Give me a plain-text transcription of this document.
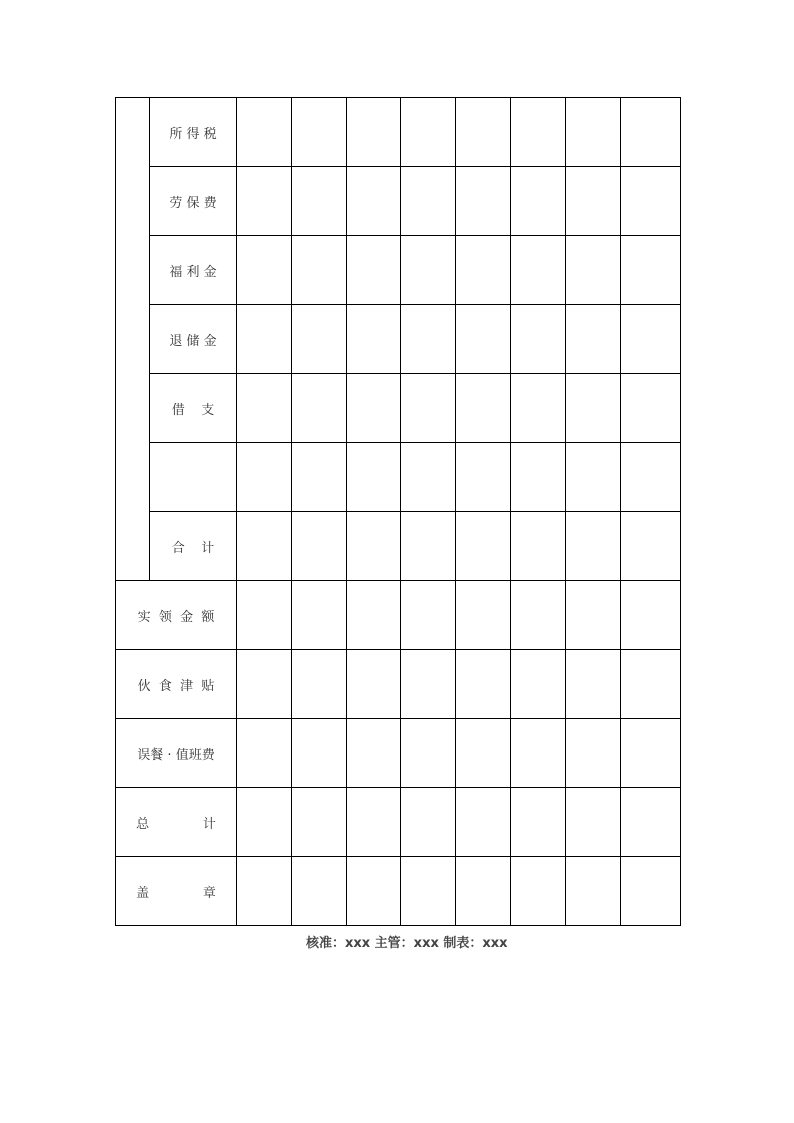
	所 得 税								
	劳 保 费								
	福 利 金								
	退 储 金								
	借    支								

	合    计								
实  领  金  额									
伙  食  津  贴									
误餐 · 值班费									
总             计									
盖             章									
核准：xxx 主管：xxx 制表：xxx
